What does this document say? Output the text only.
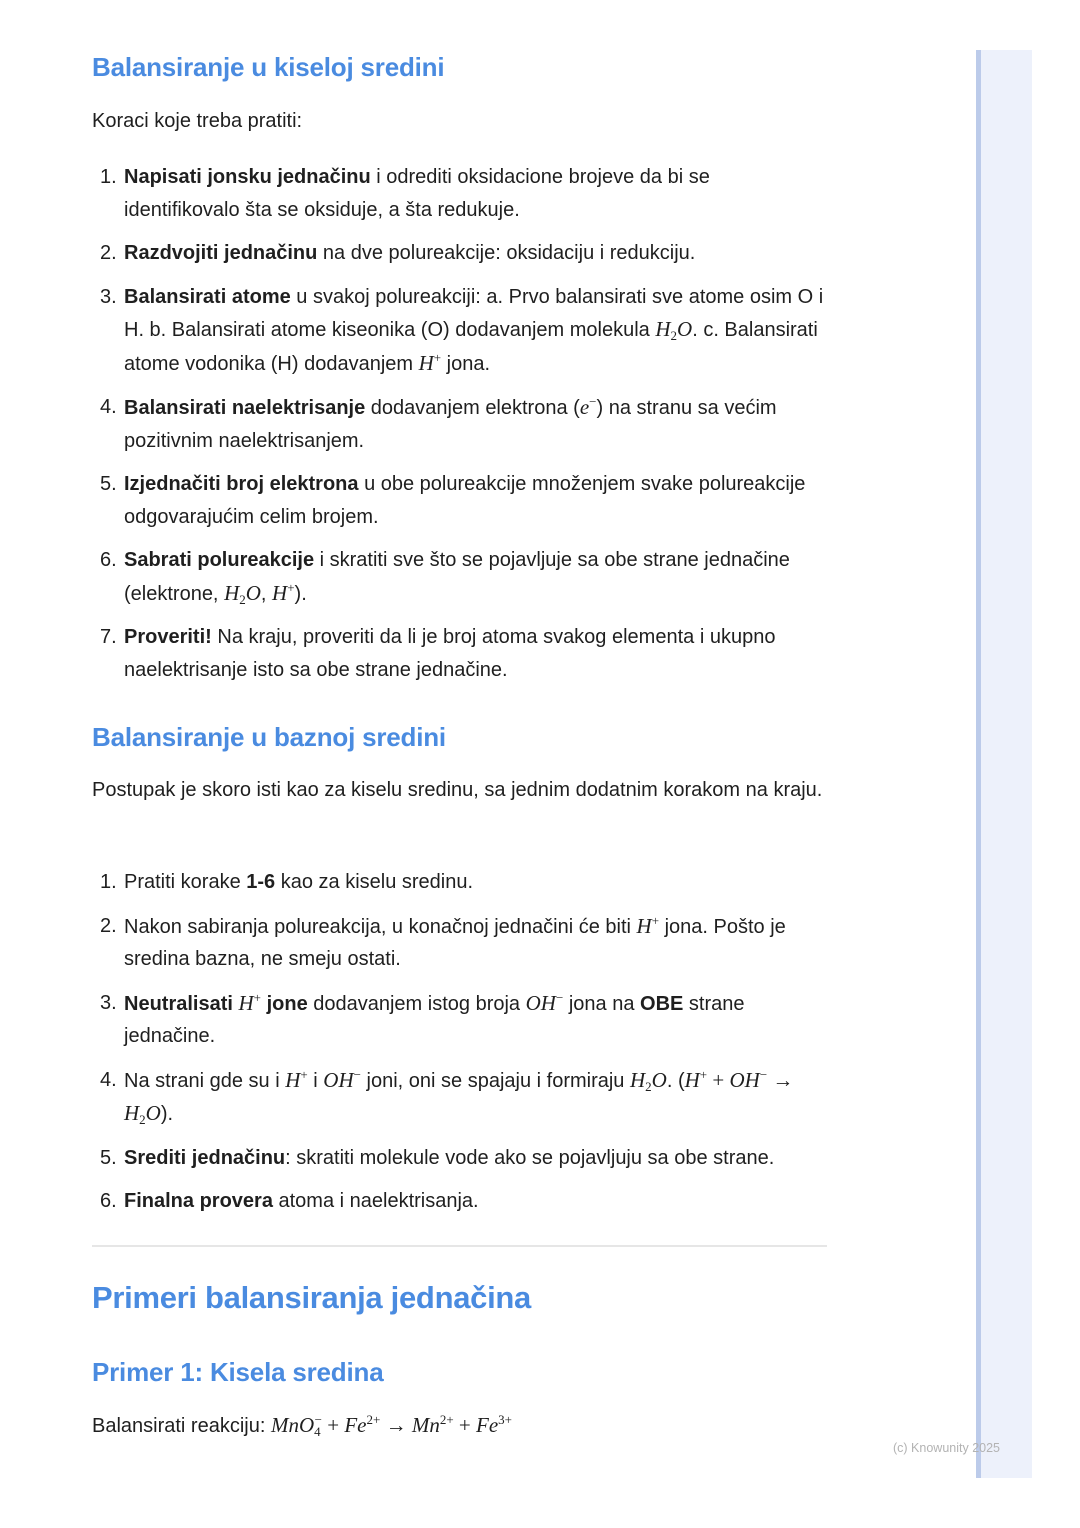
Balansiranje u kiseloj sredini

Koraci koje treba pratiti:

1. Napisati jonsku jednačinu i odrediti oksidacione brojeve da bi se identifikovalo šta se oksiduje, a šta redukuje.
2. Razdvojiti jednačinu na dve polureakcije: oksidaciju i redukciju.
3. Balansirati atome u svakoj polureakciji: a. Prvo balansirati sve atome osim O i H. b. Balansirati atome kiseonika (O) dodavanjem molekula $H_2O$. c. Balansirati atome vodonika (H) dodavanjem H+ jona.
4. Balansirati naelektrisanje dodavanjem elektrona (e−) na stranu sa većim pozitivnim naelektrisanjem.
5. Izjednačiti broj elektrona u obe polureakcije množenjem svake polureakcije odgovarajućim celim brojem.
6. Sabrati polureakcije i skratiti sve što se pojavljuje sa obe strane jednačine (elektrone, $H_2O$, H+).
7. Proveriti! Na kraju, proveriti da li je broj atoma svakog elementa i ukupno naelektrisanje isto sa obe strane jednačine.
Balansiranje u baznoj sredini

Postupak je skoro isti kao za kiselu sredinu, sa jednim dodatnim korakom na kraju.

1. Pratiti korake 1-6 kao za kiselu sredinu.
2. Nakon sabiranja polureakcija, u konačnoj jednačini će biti H+ jona. Pošto je sredina bazna, ne smeju ostati.
3. Neutralisati H+ jone dodavanjem istog broja OH− jona na OBE strane jednačine.
4. Na strani gde su i H+ i OH− joni, oni se spajaju i formiraju $H_2O$. $(H^+ + OH^- \to H_2O)$.
5. Srediti jednačinu: skratiti molekule vode ako se pojavljuju sa obe strane.
6. Finalna provera atoma i naelektrisanja.
Primeri balansiranja jednačina
Primer 1: Kisela sredina

Balansirati reakciju: $MnO_4^- + Fe^{2+} \to Mn^{2+} + Fe^{3+}$

(c) Knowunity 2025
